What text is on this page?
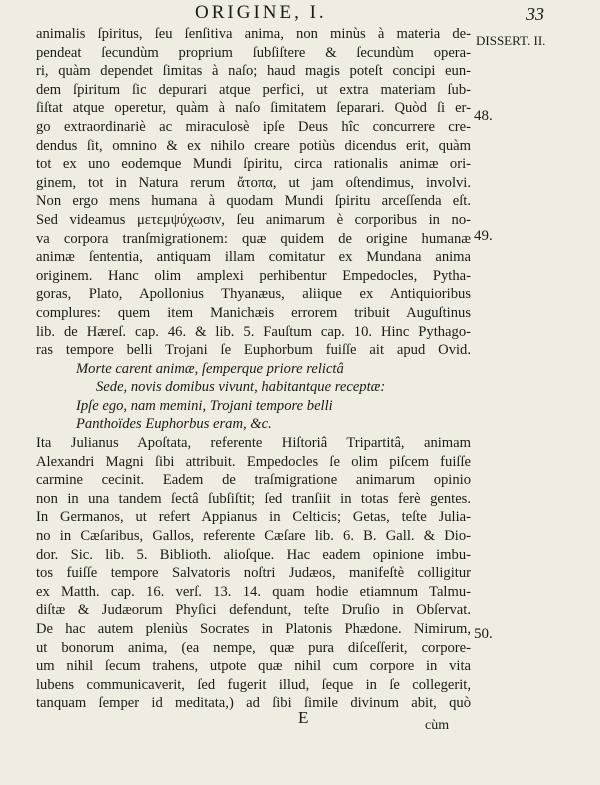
ORIGINE, I.	33
DISSERT. II.
48.
49.
50.
animalis ſpiritus, ſeu ſenſitiva anima, non minùs à materia de-
pendeat ſecundùm proprium ſubſiſtere & ſecundùm opera-
ri, quàm dependet ſimitas à naſo; haud magis poteſt concipi eun-
dem ſpiritum ſic depurari atque perfici, ut extra materiam ſub-
ſiſtat atque operetur, quàm à naſo ſimitatem ſeparari. Quòd ſi er-
go extraordinariè ac miraculosè ipſe Deus hîc concurrere cre-
dendus ſit, omnino & ex nihilo creare potiùs dicendus erit, quàm
tot ex uno eodemque Mundi ſpiritu, circa rationalis animæ ori-
ginem, tot in Natura rerum ἄτοπα, ut jam oſtendimus, involvi.
Non ergo mens humana à quodam Mundi ſpiritu arceſſenda eſt.
Sed videamus μετεμψύχωσιν, ſeu animarum è corporibus in no-
va corpora tranſmigrationem: quæ quidem de origine humanæ
animæ ſententia, antiquam illam comitatur ex Mundana anima
originem. Hanc olim amplexi perhibentur Empedocles, Pytha-
goras, Plato, Apollonius Thyanæus, aliique ex Antiquioribus
complures: quem item Manichæis errorem tribuit Auguſtinus
lib. de Hæreſ. cap. 46. & lib. 5. Fauſtum cap. 10. Hinc Pythago-
ras tempore belli Trojani ſe Euphorbum fuiſſe ait apud Ovid.
Morte carent animæ, ſemperque priore relictâ
Sede, novis domibus vivunt, habitantque receptæ:
Ipſe ego, nam memini, Trojani tempore belli
Panthoïdes Euphorbus eram, &c.
Ita Julianus Apoſtata, referente Hiſtoriâ Tripartitâ, animam
Alexandri Magni ſibi attribuit. Empedocles ſe olim piſcem fuiſſe
carmine cecinit. Eadem de traſmigratione animarum opinio
non in una tandem ſectâ ſubſiſtit; ſed tranſiit in totas ferè gentes.
In Germanos, ut refert Appianus in Celticis; Getas, teſte Julia-
no in Cæſaribus, Gallos, referente Cæſare lib. 6. B. Gall. & Dio-
dor. Sic. lib. 5. Biblioth. alioſque. Hac eadem opinione imbu-
tos fuiſſe tempore Salvatoris noſtri Judæos, manifeſtè colligitur
ex Matth. cap. 16. verſ. 13. 14. quam hodie etiamnum Talmu-
diſtæ & Judæorum Phyſici defendunt, teſte Druſio in Obſervat.
De hac autem pleniùs Socrates in Platonis Phædone. Nimirum,
ut bonorum anima, (ea nempe, quæ pura diſceſſerit, corpore-
um nihil ſecum trahens, utpote quæ nihil cum corpore in vita
lubens communicaverit, ſed fugerit illud, ſeque in ſe collegerit,
tanquam ſemper id meditata,) ad ſibi ſimile divinum abit, quò
E	cùm
